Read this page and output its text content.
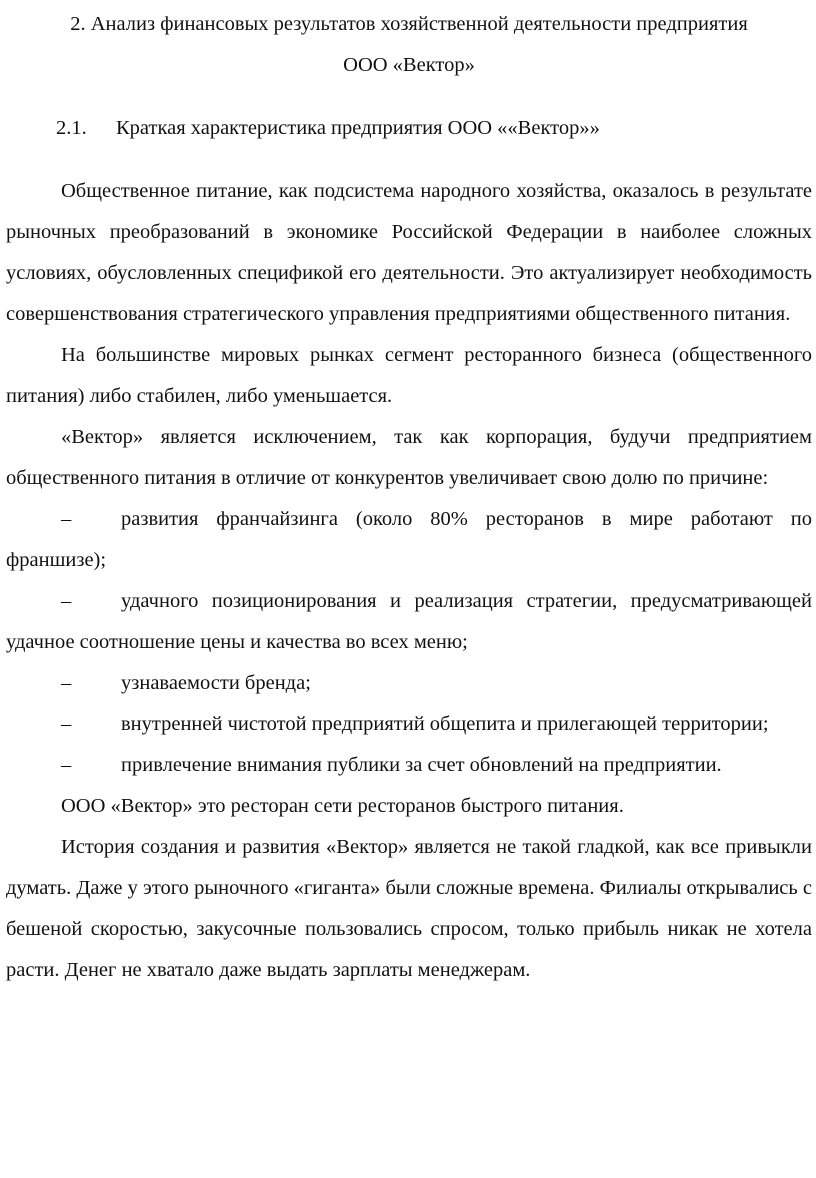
2. Анализ финансовых результатов хозяйственной деятельности предприятия

ООО «Вектор»

2.1.	Краткая характеристика предприятия ООО ««Вектор»»

Общественное питание, как подсистема народного хозяйства, оказалось в результате рыночных преобразований в экономике Российской Федерации в наиболее сложных условиях, обусловленных спецификой его деятельности. Это актуализирует необходимость совершенствования стратегического управления предприятиями общественного питания.

На большинстве мировых рынках сегмент ресторанного бизнеса (общественного питания) либо стабилен, либо уменьшается.

«Вектор» является исключением, так как корпорация, будучи предприятием общественного питания в отличие от конкурентов увеличивает свою долю по причине:

– развития франчайзинга (около 80% ресторанов в мире работают по франшизе);

– удачного позиционирования и реализация стратегии, предусматривающей удачное соотношение цены и качества во всех меню;

– узнаваемости бренда;

– внутренней чистотой предприятий общепита и прилегающей территории;

– привлечение внимания публики за счет обновлений на предприятии.

ООО «Вектор» это ресторан сети ресторанов быстрого питания.

История создания и развития «Вектор» является не такой гладкой, как все привыкли думать. Даже у этого рыночного «гиганта» были сложные времена. Филиалы открывались с бешеной скоростью, закусочные пользовались спросом, только прибыль никак не хотела расти. Денег не хватало даже выдать зарплаты менеджерам.
